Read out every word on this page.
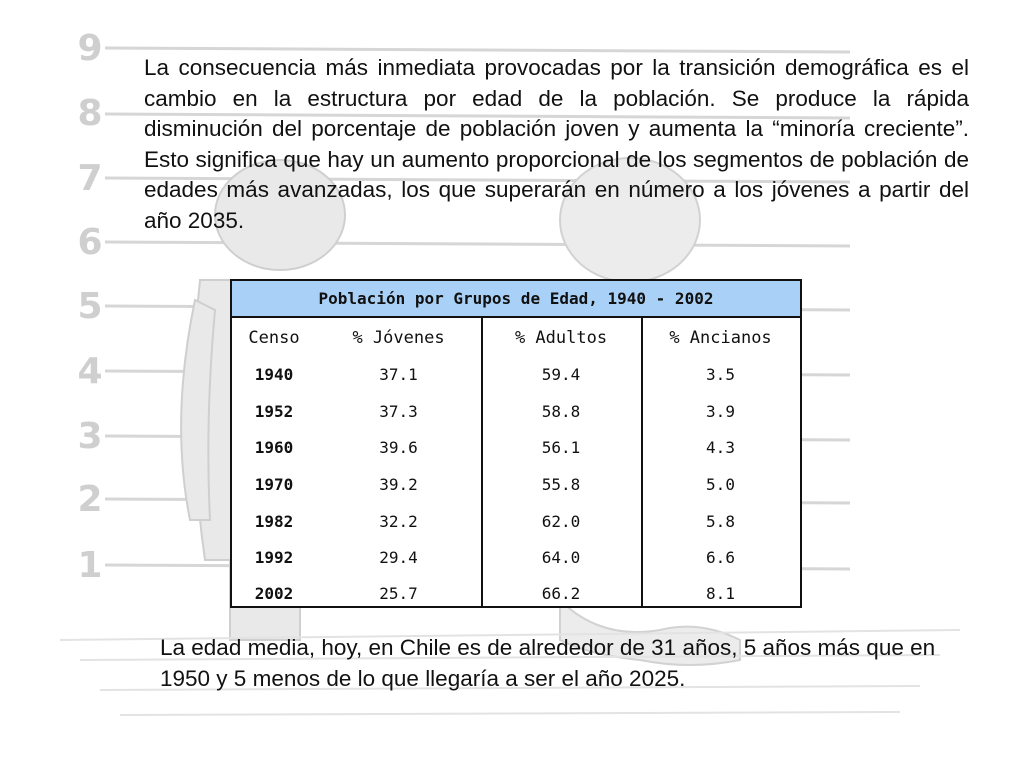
9
8
7
6
5
4
3
2
1
La consecuencia más inmediata provocadas por la transición demográfica es el cambio en la estructura por edad de la población. Se produce la rápida disminución del porcentaje de población joven y aumenta la “minoría creciente”. Esto significa que hay un aumento proporcional de los segmentos de población de edades más avanzadas, los que superarán en número a los jóvenes a partir del año 2035.
Población por Grupos de Edad, 1940 - 2002
Censo	% Jóvenes	% Adultos	% Ancianos
1940	37.1	59.4	3.5
1952	37.3	58.8	3.9
1960	39.6	56.1	4.3
1970	39.2	55.8	5.0
1982	32.2	62.0	5.8
1992	29.4	64.0	6.6
2002	25.7	66.2	8.1
La edad media, hoy, en Chile es de alrededor de 31 años, 5 años más que en 1950 y 5 menos de lo que llegaría a ser el año 2025.
